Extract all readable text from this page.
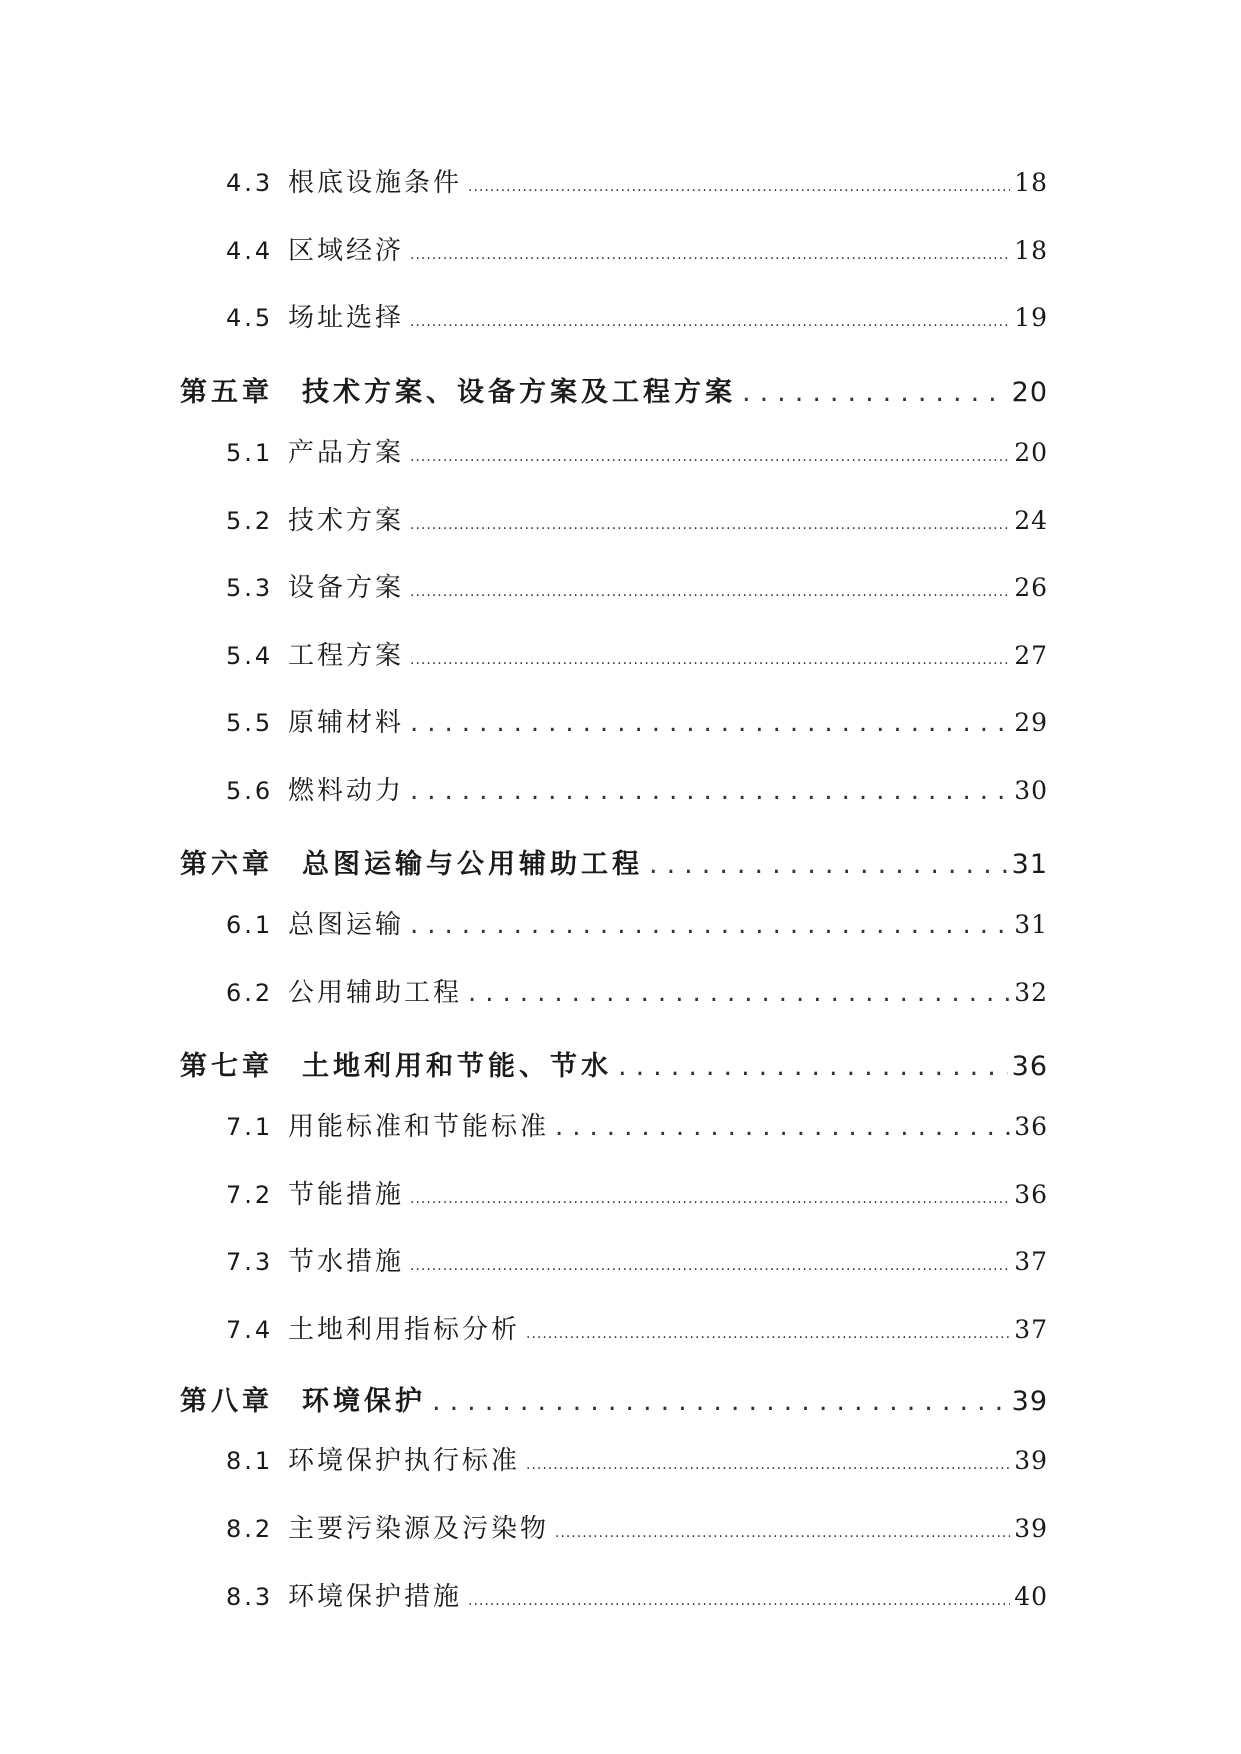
4.3 根底设施条件 .....	18
4.4 区域经济 .....	18
4.5 场址选择 .....	19
第五章	技术方案、设备方案及工程方案 .....	20
5.1 产品方案 .....	20
5.2 技术方案 .....	24
5.3 设备方案 .....	26
5.4 工程方案 .....	27
5.5 原辅材料 .....	29
5.6 燃料动力 .....	30
第六章	总图运输与公用辅助工程 .....	31
6.1 总图运输 .....	31
6.2 公用辅助工程 .....	32
第七章	土地利用和节能、节水 .....	36
7.1 用能标准和节能标准 .....	36
7.2 节能措施 .....	36
7.3 节水措施 .....	37
7.4 土地利用指标分析 .....	37
第八章	环境保护 .....	39
8.1 环境保护执行标准 .....	39
8.2 主要污染源及污染物 .....	39
8.3 环境保护措施 .....	40
